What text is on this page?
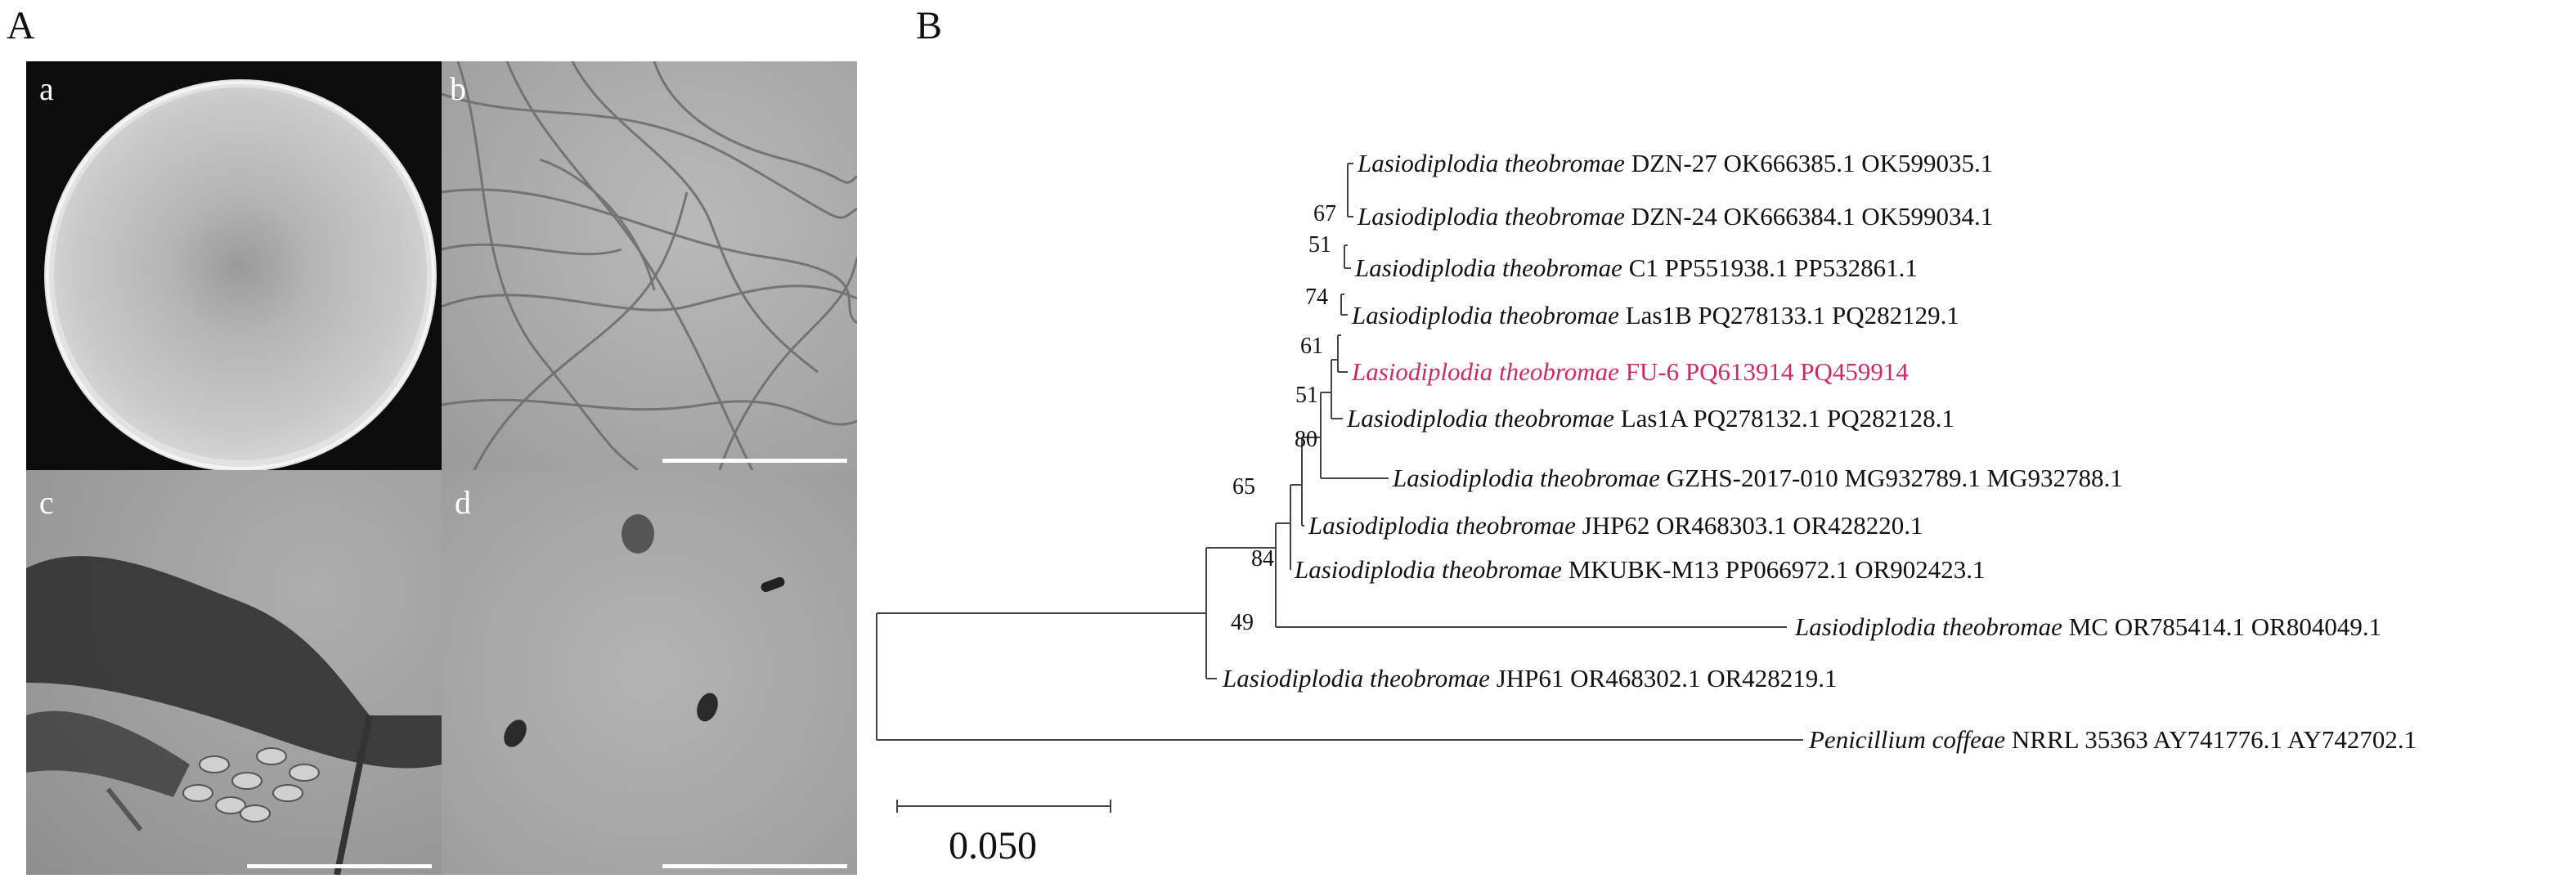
A	B
a	b
c	d
Lasiodiplodia theobromae DZN-27 OK666385.1 OK599035.1
Lasiodiplodia theobromae DZN-24 OK666384.1 OK599034.1
Lasiodiplodia theobromae C1 PP551938.1 PP532861.1
Lasiodiplodia theobromae Las1B PQ278133.1 PQ282129.1
Lasiodiplodia theobromae FU-6 PQ613914 PQ459914
Lasiodiplodia theobromae Las1A PQ278132.1 PQ282128.1
Lasiodiplodia theobromae GZHS-2017-010 MG932789.1 MG932788.1
Lasiodiplodia theobromae JHP62 OR468303.1 OR428220.1
Lasiodiplodia theobromae MKUBK-M13 PP066972.1 OR902423.1
Lasiodiplodia theobromae MC OR785414.1 OR804049.1
Lasiodiplodia theobromae JHP61 OR468302.1 OR428219.1
Penicillium coffeae NRRL 35363 AY741776.1 AY742702.1
67
51
74
61
51
80
65
84
49
0.050
